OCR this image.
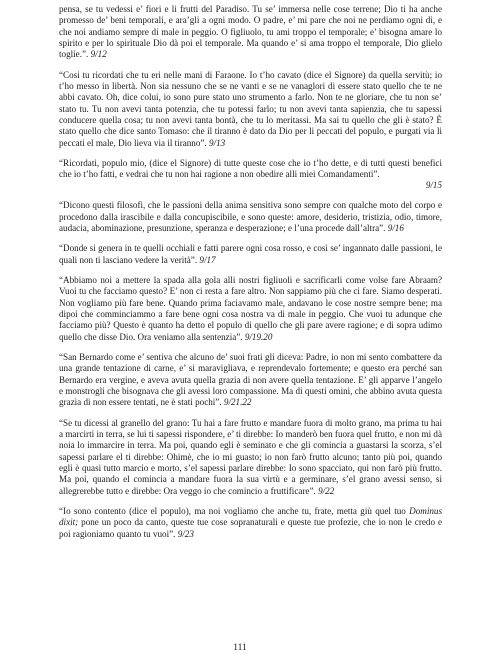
pensa, se tu vedessi e’ fiori e li frutti del Paradiso. Tu se’ immersa nelle cose terrene; Dio ti ha anche promesso de’ beni temporali, e ara’gli a ogni modo. O padre, e’ mi pare che noi ne perdiamo ogni dì, e che noi andiamo sempre di male in peggio. O figliuolo, tu ami troppo el temporale; e’ bisogna amare lo spirito e per lo spirituale Dio dà poi el temporale. Ma quando e’ si ama troppo el temporale, Dio glielo toglie.”. 9/12

“Cosi tu ricordati che tu eri nelle mani di Faraone. Io t’ho cavato (dice el Signore) da quella servitù; io t’ho messo in libertà. Non sia nessuno che se ne vanti e se ne vanaglori di essere stato quello che te ne abbi cavato. Oh, dice colui, io sono pure stato uno strumento a farlo. Non te ne gloriare, che tu non se’ stato tu. Tu non avevi tanta potenzia, che tu potessi farlo; tu non avevi tanta sapienzia, che tu sapessi conducere quella cosa; tu non avevi tanta bontà, che tu lo meritassi. Ma sai tu quello che gli è stato? È stato quello che dice santo Tomaso: che il tiranno è dato da Dio per li peccati del populo, e purgati via li peccati el male, Dio lieva via il tiranno”. 9/13

“Ricordati, populo mio, (dice el Signore) di tutte queste cose che io t’ho dette, e di tutti questi benefici che io t’ho fatti, e vedrai che tu non hai ragione a non obedire alli miei Comandamenti”.
9/15

“Dicono questi filosofi, che le passioni della anima sensitiva sono sempre con qualche moto del corpo e procedono dalla irascibile e dalla concupiscibile, e sono queste: amore, desiderio, tristizia, odio, timore, audacia, abominazione, presunzione, speranza e desperazione; e l’una procede dall’altra”. 9/16

“Donde si genera in te quelli occhiali e fatti parere ogni cosa rosso, e così se’ ingannato dalle passioni, le quali non ti lasciano vedere la verità”. 9/17

“Abbiamo noi a mettere la spada alla gola alli nostri figliuoli e sacrificarli come volse fare Abraam? Vuoi tu che facciamo questo? E’ non ci resta a fare altro. Non sappiamo più che ci fare. Siamo desperati. Non vogliamo più fare bene. Quando prima faciavamo male, andavano le cose nostre sempre bene; ma dipoi che comminciammo a fare bene ogni cosa nostra va di male in peggio. Che vuoi tu adunque che facciamo più? Questo è quanto ha detto el populo di quello che gli pare avere ragione; e di sopra udimo quello che disse Dio. Ora veniamo alla sentenzia”. 9/19.20

“San Bernardo come e’ sentiva che alcuno de’ suoi frati gli diceva: Padre, io non mi sento combattere da una grande tentazione di carne, e’ si maravigliava, e reprendevalo fortemente; e questo era perché san Bernardo era vergine, e aveva avuta quella grazia di non avere quella tentazione. E’ gli apparve l’angelo e monstrogli che bisognava che gli avessi loro compassione. Ma di questi omini, che abbino avuta questa grazia di non essere tentati, ne è stati pochi”. 9/21.22

“Se tu dicessi al granello del grano: Tu hai a fare frutto e mandare fuora di molto grano, ma prima tu hai a marcirti in terra, se lui ti sapessi rispondere, e’ ti direbbe: Io manderò ben fuora quel frutto, e non mi dà noia lo immarcire in terra. Ma poi, quando egli è seminato e che gli comincia a guastarsi la scorza, s’el sapessi parlare el ti direbbe: Ohimè, che io mi guasto; io non farò frutto alcuno; tanto più poi, quando egli è quasi tutto marcio e morto, s’el sapessi parlare direbbe: Io sono spacciato, qui non farò più frutto. Ma poi, quando el comincia a mandare fuora la sua virtù e a germinare, s’el grano avessi senso, si allegrerebbe tutto e direbbe: Ora veggo io che comincio a fruttificare”. 9/22

“Io sono contento (dice el populo), ma noi vogliamo che anche tu, frate, metta giù quel tuo Dominus dixit; pone un poco da canto, queste tue cose sopranaturali e queste tue profezie, che io non le credo e poi ragioniamo quanto tu vuoi”. 9/23

111
